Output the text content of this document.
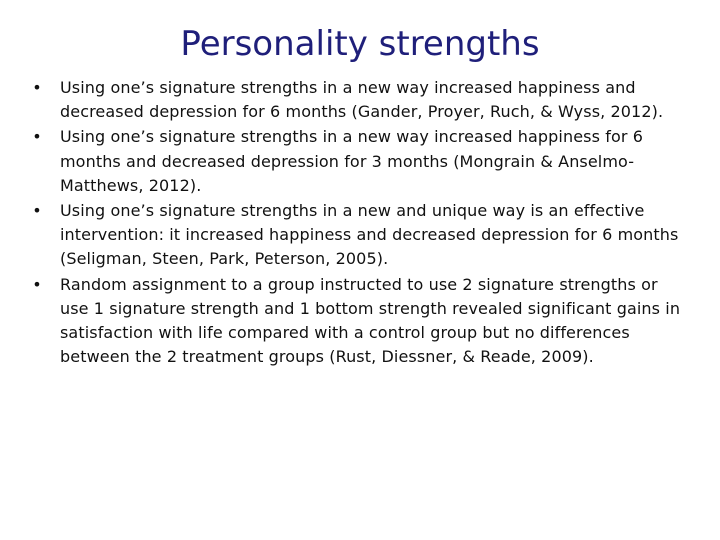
Personality strengths
• Using one’s signature strengths in a new way increased happiness and decreased depression for 6 months (Gander, Proyer, Ruch, & Wyss, 2012).
• Using one’s signature strengths in a new way increased happiness for 6 months and decreased depression for 3 months (Mongrain & Anselmo-Matthews, 2012).
• Using one’s signature strengths in a new and unique way is an effective intervention: it increased happiness and decreased depression for 6 months (Seligman, Steen, Park, Peterson, 2005).
• Random assignment to a group instructed to use 2 signature strengths or use 1 signature strength and 1 bottom strength revealed significant gains in satisfaction with life compared with a control group but no differences between the 2 treatment groups (Rust, Diessner, & Reade, 2009).
